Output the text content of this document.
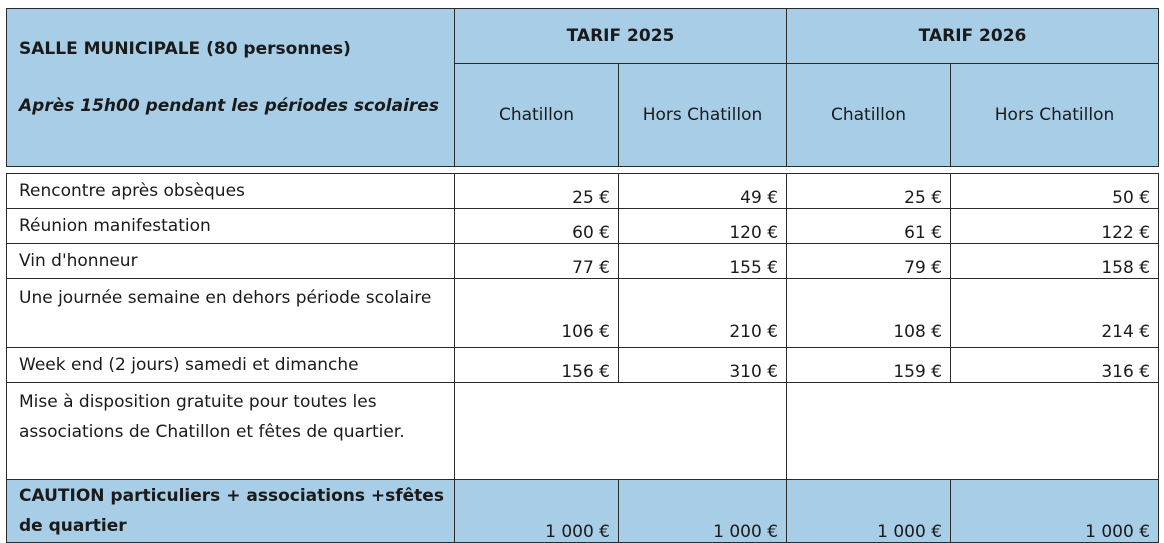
SALLE MUNICIPALE (80 personnes)
Après 15h00 pendant les périodes scolaires	TARIF 2025		TARIF 2026	
	Chatillon	Hors Chatillon	Chatillon	Hors Chatillon

Rencontre après obsèques	25 €	49 €	25 €	50 €
Réunion manifestation	60 €	120 €	61 €	122 €
Vin d'honneur	77 €	155 €	79 €	158 €
Une journée semaine en dehors période scolaire	106 €	210 €	108 €	214 €
Week end (2 jours) samedi et dimanche	156 €	310 €	159 €	316 €
Mise à disposition gratuite pour toutes les associations de Chatillon et fêtes de quartier.				
CAUTION particuliers + associations +sfêtes de quartier	1 000 €	1 000 €	1 000 €	1 000 €
